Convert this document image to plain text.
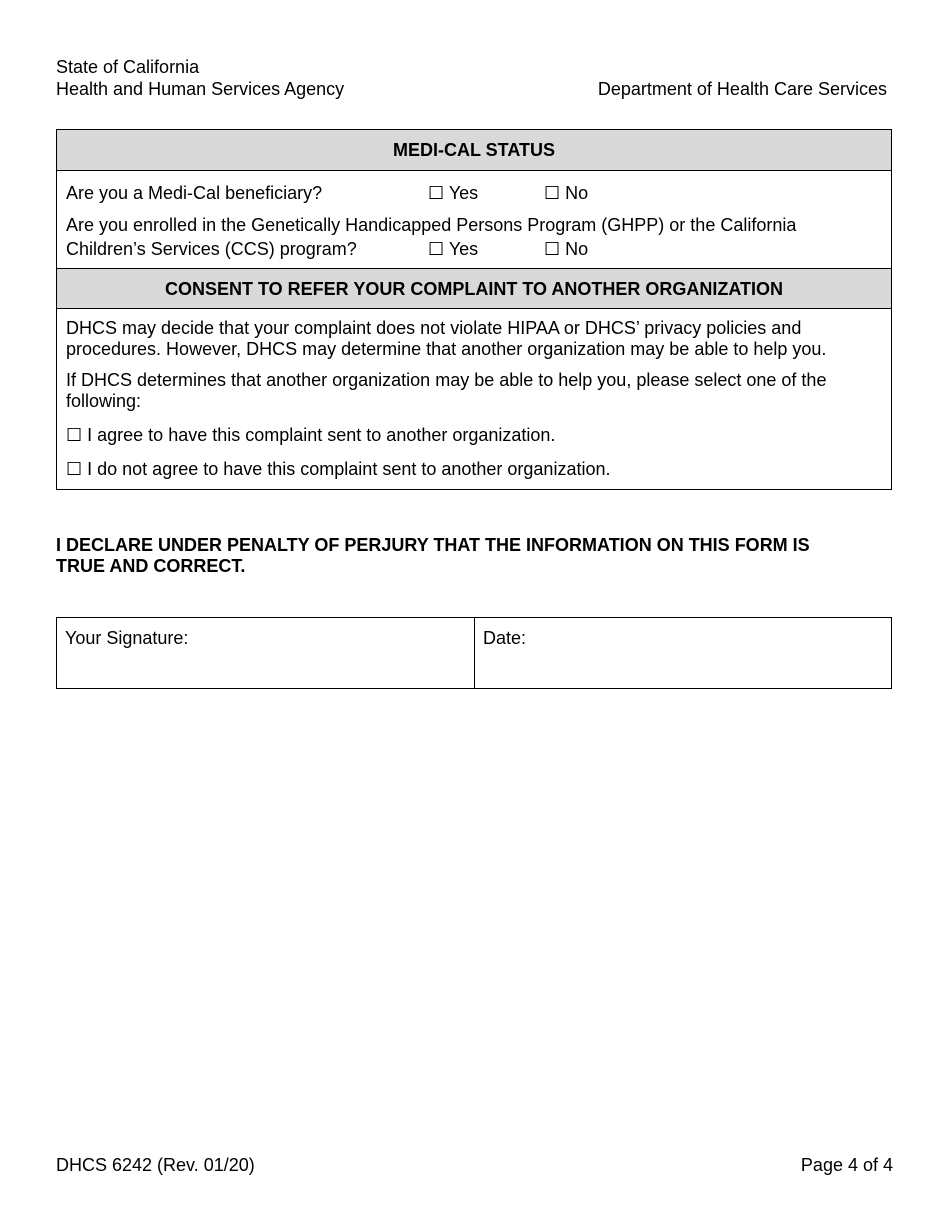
State of California
Health and Human Services Agency	Department of Health Care Services
MEDI-CAL STATUS
Are you a Medi-Cal beneficiary?	☐ Yes	☐ No
Are you enrolled in the Genetically Handicapped Persons Program (GHPP) or the California
Children’s Services (CCS) program?	☐ Yes	☐ No
CONSENT TO REFER YOUR COMPLAINT TO ANOTHER ORGANIZATION
DHCS may decide that your complaint does not violate HIPAA or DHCS’ privacy policies and
procedures. However, DHCS may determine that another organization may be able to help you.
If DHCS determines that another organization may be able to help you, please select one of the
following:
☐ I agree to have this complaint sent to another organization.
☐ I do not agree to have this complaint sent to another organization.
I DECLARE UNDER PENALTY OF PERJURY THAT THE INFORMATION ON THIS FORM IS
TRUE AND CORRECT.
Your Signature:	Date:
DHCS 6242 (Rev. 01/20)	Page 4 of 4
